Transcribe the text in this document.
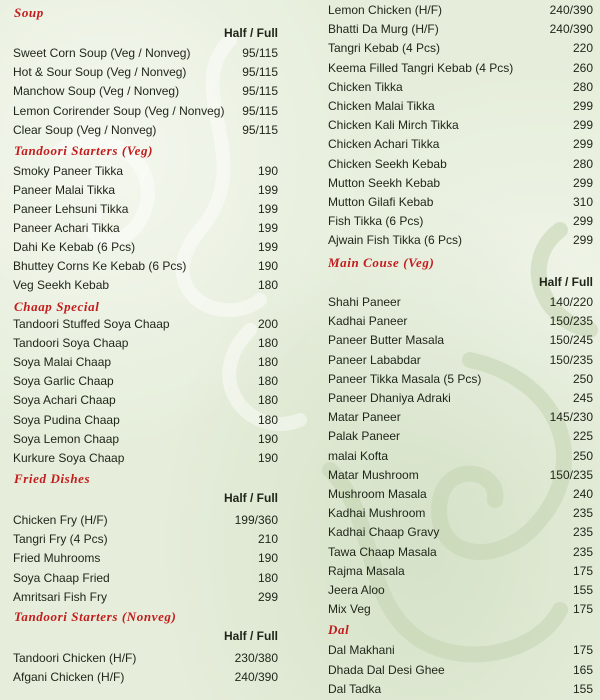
Soup
Half / Full
Sweet Corn Soup (Veg / Nonveg)	95/115
Hot & Sour Soup (Veg / Nonveg)	95/115
Manchow Soup (Veg / Nonveg)	95/115
Lemon Corirender Soup (Veg / Nonveg) 95/115
Clear Soup (Veg / Nonveg)	95/115
Tandoori Starters (Veg)
Smoky Paneer Tikka	190
Paneer Malai Tikka	199
Paneer Lehsuni Tikka	199
Paneer Achari Tikka	199
Dahi Ke Kebab (6 Pcs)	199
Bhuttey Corns Ke Kebab (6 Pcs)	190
Veg Seekh Kebab	180
Chaap Special
Tandoori Stuffed Soya Chaap	200
Tandoori Soya Chaap	180
Soya Malai Chaap	180
Soya Garlic Chaap	180
Soya Achari Chaap	180
Soya Pudina Chaap	180
Soya Lemon Chaap	190
Kurkure Soya Chaap	190
Fried Dishes
Half / Full
Chicken Fry (H/F)	199/360
Tangri Fry (4 Pcs)	210
Fried Muhrooms	190
Soya Chaap Fried	180
Amritsari Fish Fry	299
Tandoori Starters (Nonveg)
Half / Full
Tandoori Chicken (H/F)	230/380
Afgani Chicken (H/F)	240/390
Lemon Chicken (H/F)	240/390
Bhatti Da Murg (H/F)	240/390
Tangri Kebab (4 Pcs)	220
Keema Filled Tangri Kebab (4 Pcs)	260
Chicken Tikka	280
Chicken Malai Tikka	299
Chicken Kali Mirch Tikka	299
Chicken Achari Tikka	299
Chicken Seekh Kebab	280
Mutton Seekh Kebab	299
Mutton Gilafi Kebab	310
Fish Tikka (6 Pcs)	299
Ajwain Fish Tikka (6 Pcs)	299
Main Couse (Veg)
Half / Full
Shahi Paneer	140/220
Kadhai Paneer	150/235
Paneer Butter Masala	150/245
Paneer Lababdar	150/235
Paneer Tikka Masala (5 Pcs)	250
Paneer Dhaniya Adraki	245
Matar Paneer	145/230
Palak Paneer	225
malai Kofta	250
Matar Mushroom	150/235
Mushroom Masala	240
Kadhai Mushroom	235
Kadhai Chaap Gravy	235
Tawa Chaap Masala	235
Rajma Masala	175
Jeera Aloo	155
Mix Veg	175
Dal
Dal Makhani	175
Dhada Dal Desi Ghee	165
Dal Tadka	155
